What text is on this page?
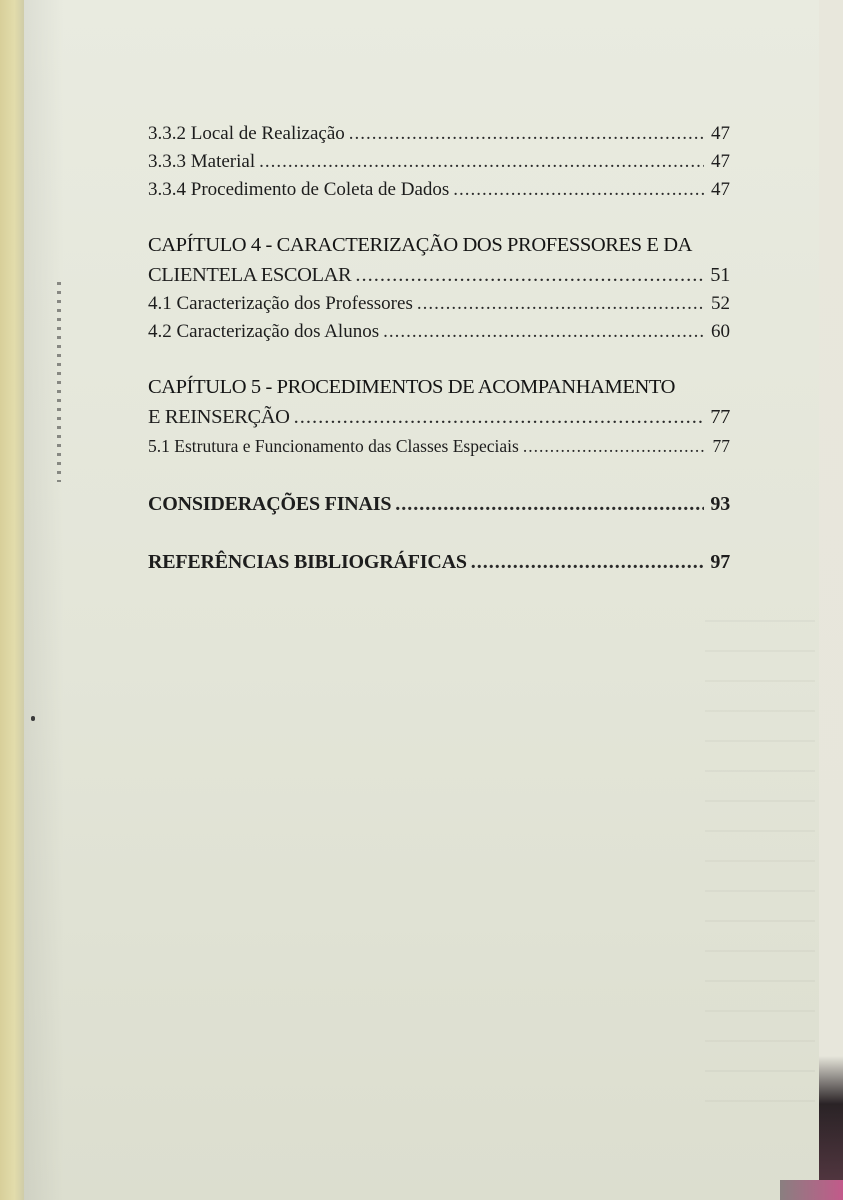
3.3.2 Local de Realização .....	47
3.3.3 Material .....	47
3.3.4 Procedimento de Coleta de Dados .....	47
CAPÍTULO 4 - CARACTERIZAÇÃO DOS PROFESSORES E DA
CLIENTELA ESCOLAR .....	51
4.1 Caracterização dos Professores .....	52
4.2 Caracterização dos Alunos .....	60
CAPÍTULO 5 - PROCEDIMENTOS DE ACOMPANHAMENTO
E REINSERÇÃO .....	77
5.1 Estrutura e Funcionamento das Classes Especiais .....	77
CONSIDERAÇÕES FINAIS .....	93
REFERÊNCIAS BIBLIOGRÁFICAS .....	97
